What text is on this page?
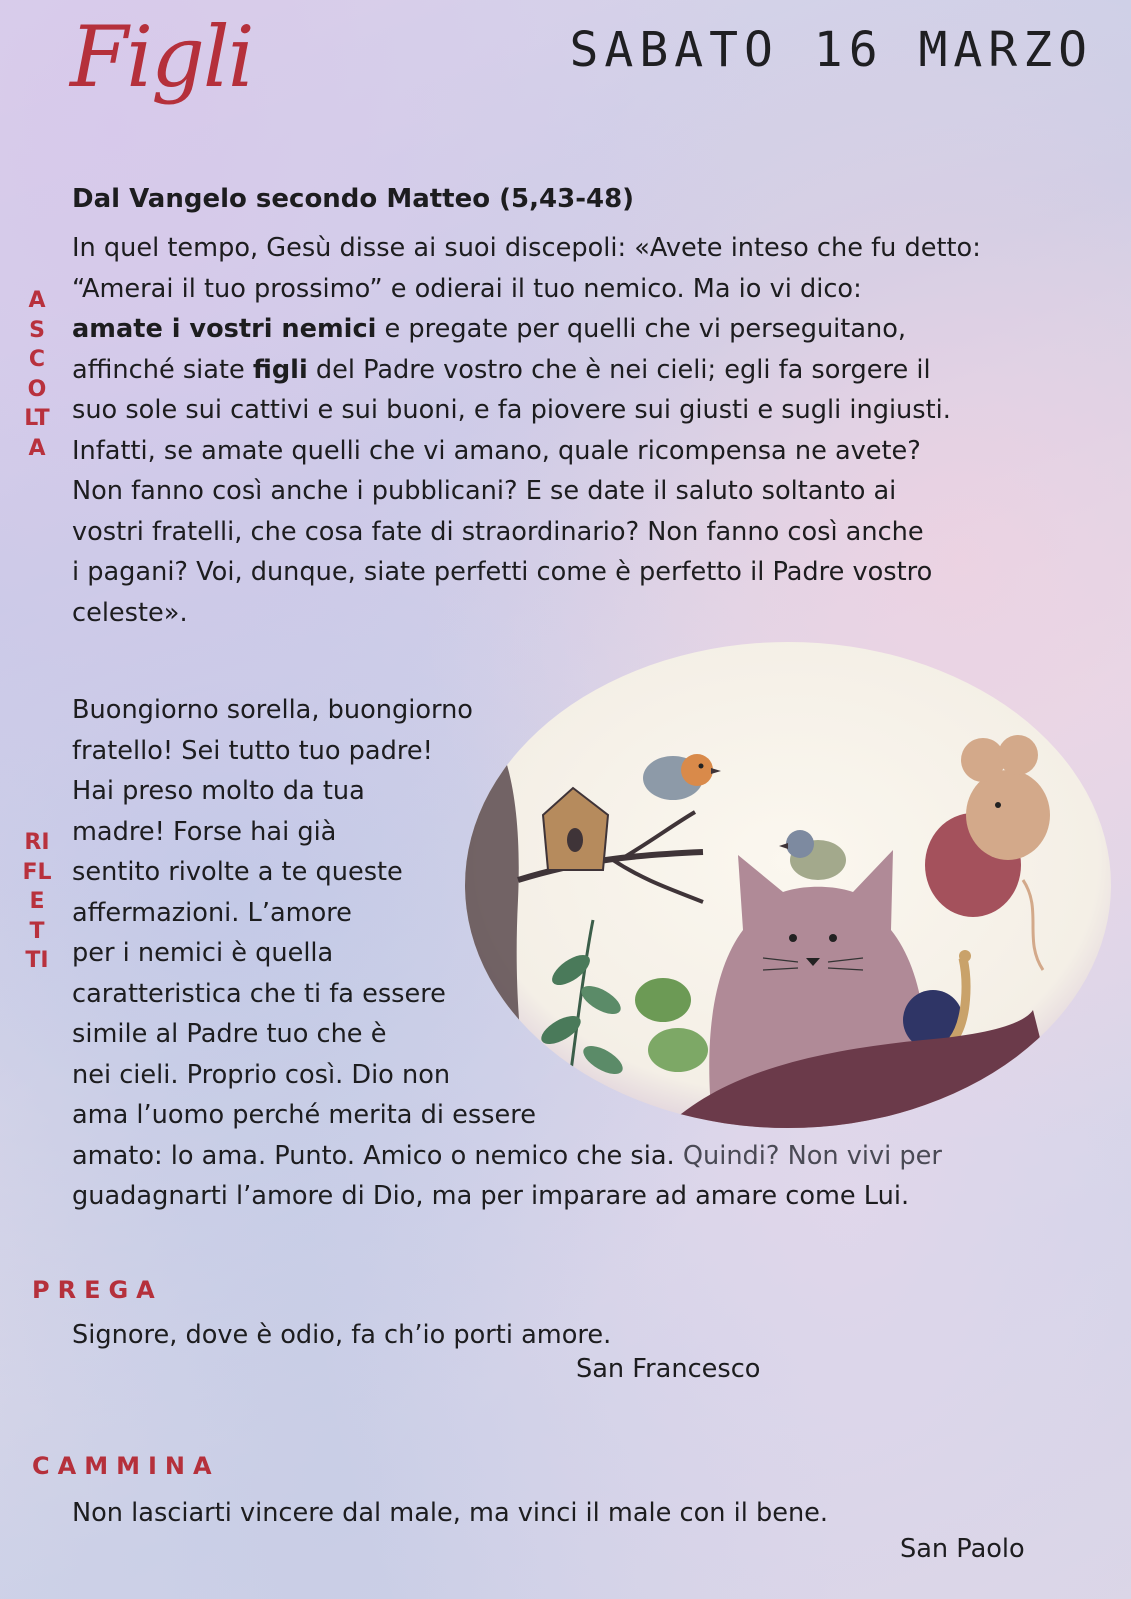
Figli	SABATO 16 MARZO
ASCOLTA
RIFLETTI
Dal Vangelo secondo Matteo (5,43-48)
In quel tempo, Gesù disse ai suoi discepoli: «Avete inteso che fu detto:
“Amerai il tuo prossimo” e odierai il tuo nemico. Ma io vi dico:
amate i vostri nemici e pregate per quelli che vi perseguitano,
affinché siate figli del Padre vostro che è nei cieli; egli fa sorgere il
suo sole sui cattivi e sui buoni, e fa piovere sui giusti e sugli ingiusti.
Infatti, se amate quelli che vi amano, quale ricompensa ne avete?
Non fanno così anche i pubblicani? E se date il saluto soltanto ai
vostri fratelli, che cosa fate di straordinario? Non fanno così anche
i pagani? Voi, dunque, siate perfetti come è perfetto il Padre vostro
celeste».
Buongiorno sorella, buongiorno
fratello! Sei tutto tuo padre!
Hai preso molto da tua
madre! Forse hai già
sentito rivolte a te queste
affermazioni. L’amore
per i nemici è quella
caratteristica che ti fa essere
simile al Padre tuo che è
nei cieli. Proprio così. Dio non
ama l’uomo perché merita di essere
amato: lo ama. Punto. Amico o nemico che sia. Quindi? Non vivi per
guadagnarti l’amore di Dio, ma per imparare ad amare come Lui.
PREGA

Signore, dove è odio, fa ch’io porti amore.

San Francesco

CAMMINA

Non lasciarti vincere dal male, ma vinci il male con il bene.

San Paolo
